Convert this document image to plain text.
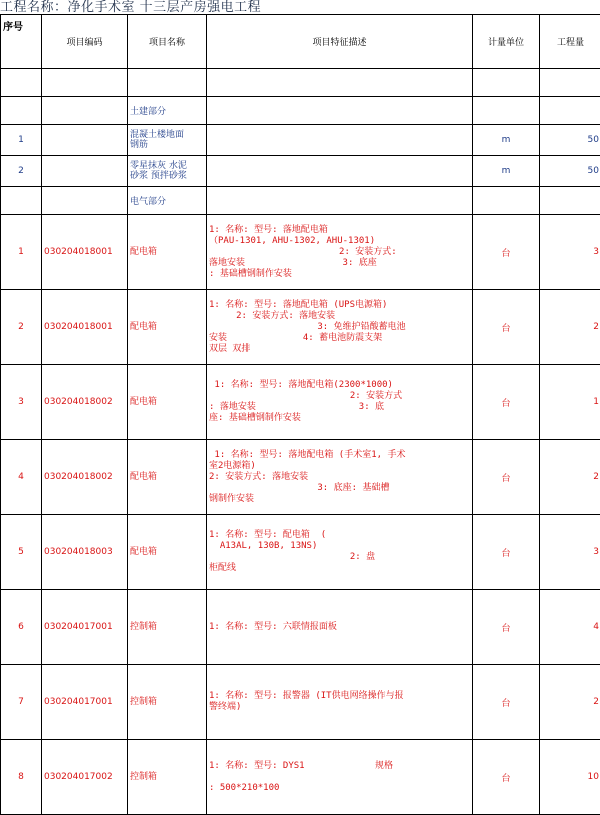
工程名称：净化手术室 十三层产房强电工程
序号	项目编码	项目名称	项目特征描述	计量单位	工程量

		土建部分			
1		混凝土楼地面
钢筋		m	50
2		零星抹灰 水泥
砂浆 预拌砂浆		m	50
		电气部分			
1	030204018001	配电箱	1: 名称: 型号: 落地配电箱
（PAU-1301, AHU-1302, AHU-1301)
2: 安装方式:
落地安装                  3: 底座
: 基础槽钢制作安装	台	3
2	030204018001	配电箱	1: 名称: 型号: 落地配电箱 (UPS电源箱)
2: 安装方式: 落地安装
3: 免维护铅酸蓄电池
安装              4: 蓄电池防震支架
双层 双排	台	2
3	030204018002	配电箱	1: 名称: 型号: 落地配电箱(2300*1000)
2: 安装方式
: 落地安装                   3: 底
座: 基础槽钢制作安装	台	1
4	030204018002	配电箱	1: 名称: 型号: 落地配电箱 (手术室1, 手术
室2电源箱)
2: 安装方式: 落地安装
3: 底座: 基础槽
钢制作安装	台	2
5	030204018003	配电箱	1: 名称: 型号: 配电箱  (
A13AL, 130B, 13NS)
2: 盘
柜配线	台	3
6	030204017001	控制箱	1: 名称: 型号: 六联情报面板	台	4
7	030204017001	控制箱	1: 名称: 型号: 报警器 (IT供电网络操作与报
警终端)	台	2
8	030204017002	控制箱	1: 名称: 型号: DYS1             规格

: 500*210*100	台	10
